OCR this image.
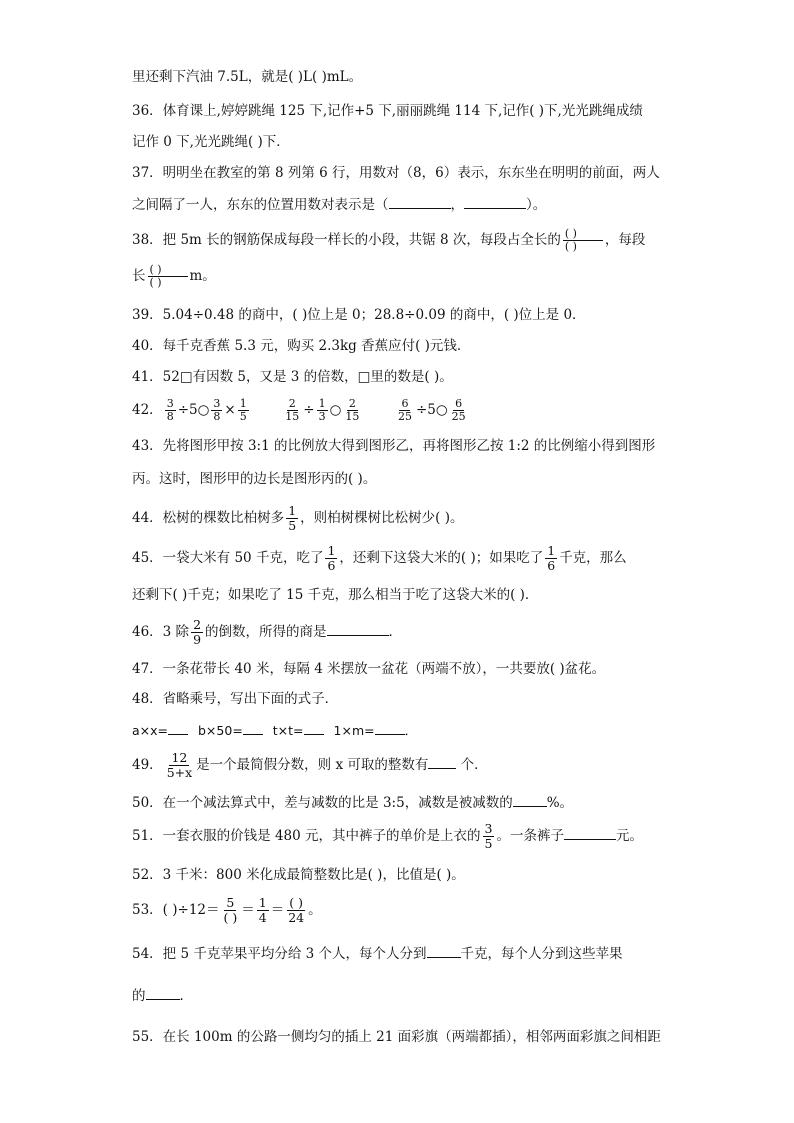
里还剩下汽油 7.5L，就是( )L( )mL。
36．体育课上,婷婷跳绳 125 下,记作+5 下,丽丽跳绳 114 下,记作( )下,光光跳绳成绩
记作 0 下,光光跳绳( )下．
37．明明坐在教室的第 8 列第 6 行，用数对（8，6）表示，东东坐在明明的前面，两人
之间隔了一人，东东的位置用数对表示是（	，	）。
38．把 5m 长的钢筋保成每段一样长的小段，共锯 8 次，每段占全长的 $\frac{( )}{( )}$ ，每段
长 $\frac{( )}{( )}$ m。
39．5.04÷0.48 的商中，( )位上是 0；28.8÷0.09 的商中，( )位上是 0．
40．每千克香蕉 5.3 元，购买 2.3kg 香蕉应付( )元钱．
41．52□有因数 5，又是 3 的倍数，□里的数是( )。
42． $\frac{3}{8}$ ÷5○ $\frac{3}{8} \times \frac{1}{5}$
	$\frac{2}{15} \div \frac{1}{3}$ ○ $\frac{2}{15}$
	$\frac{6}{25}$ ÷5○ $\frac{6}{25}$
43．先将图形甲按 3:1 的比例放大得到图形乙，再将图形乙按 1:2 的比例缩小得到图形
丙。这时，图形甲的边长是图形丙的( )。
44．松树的棵数比柏树多 $\frac{1}{5}$ ，则柏树棵树比松树少( )。
45．一袋大米有 50 千克，吃了 $\frac{1}{6}$ ，还剩下这袋大米的( )；如果吃了 $\frac{1}{6}$ 千克，那么
还剩下( )千克；如果吃了 15 千克，那么相当于吃了这袋大米的( )．
46．3 除 $\frac{2}{9}$ 的倒数，所得的商是	．
47．一条花带长 40 米，每隔 4 米摆放一盆花（两端不放），一共要放( )盆花。
48．省略乘号，写出下面的式子．
a×x= b×50= t×t= 1×m= ．
49． $\frac{12}{5+x}$ 是一个最简假分数，则 x 可取的整数有 个．
50．在一个减法算式中，差与减数的比是 3:5，减数是被减数的	%。
51．一套衣服的价钱是 480 元，其中裤子的单价是上衣的 $\frac{3}{5}$ 。一条裤子	元。
52．3 千米：800 米化成最简整数比是( )，比值是( )。
53．( )$\div 12= \frac{5}{( )} = \frac{1}{4} = \frac{( )}{24}$ 。
54．把 5 千克苹果平均分给 3 个人，每个人分到	千克，每个人分到这些苹果
的	．
55．在长 100m 的公路一侧均匀的插上 21 面彩旗（两端都插），相邻两面彩旗之间相距
